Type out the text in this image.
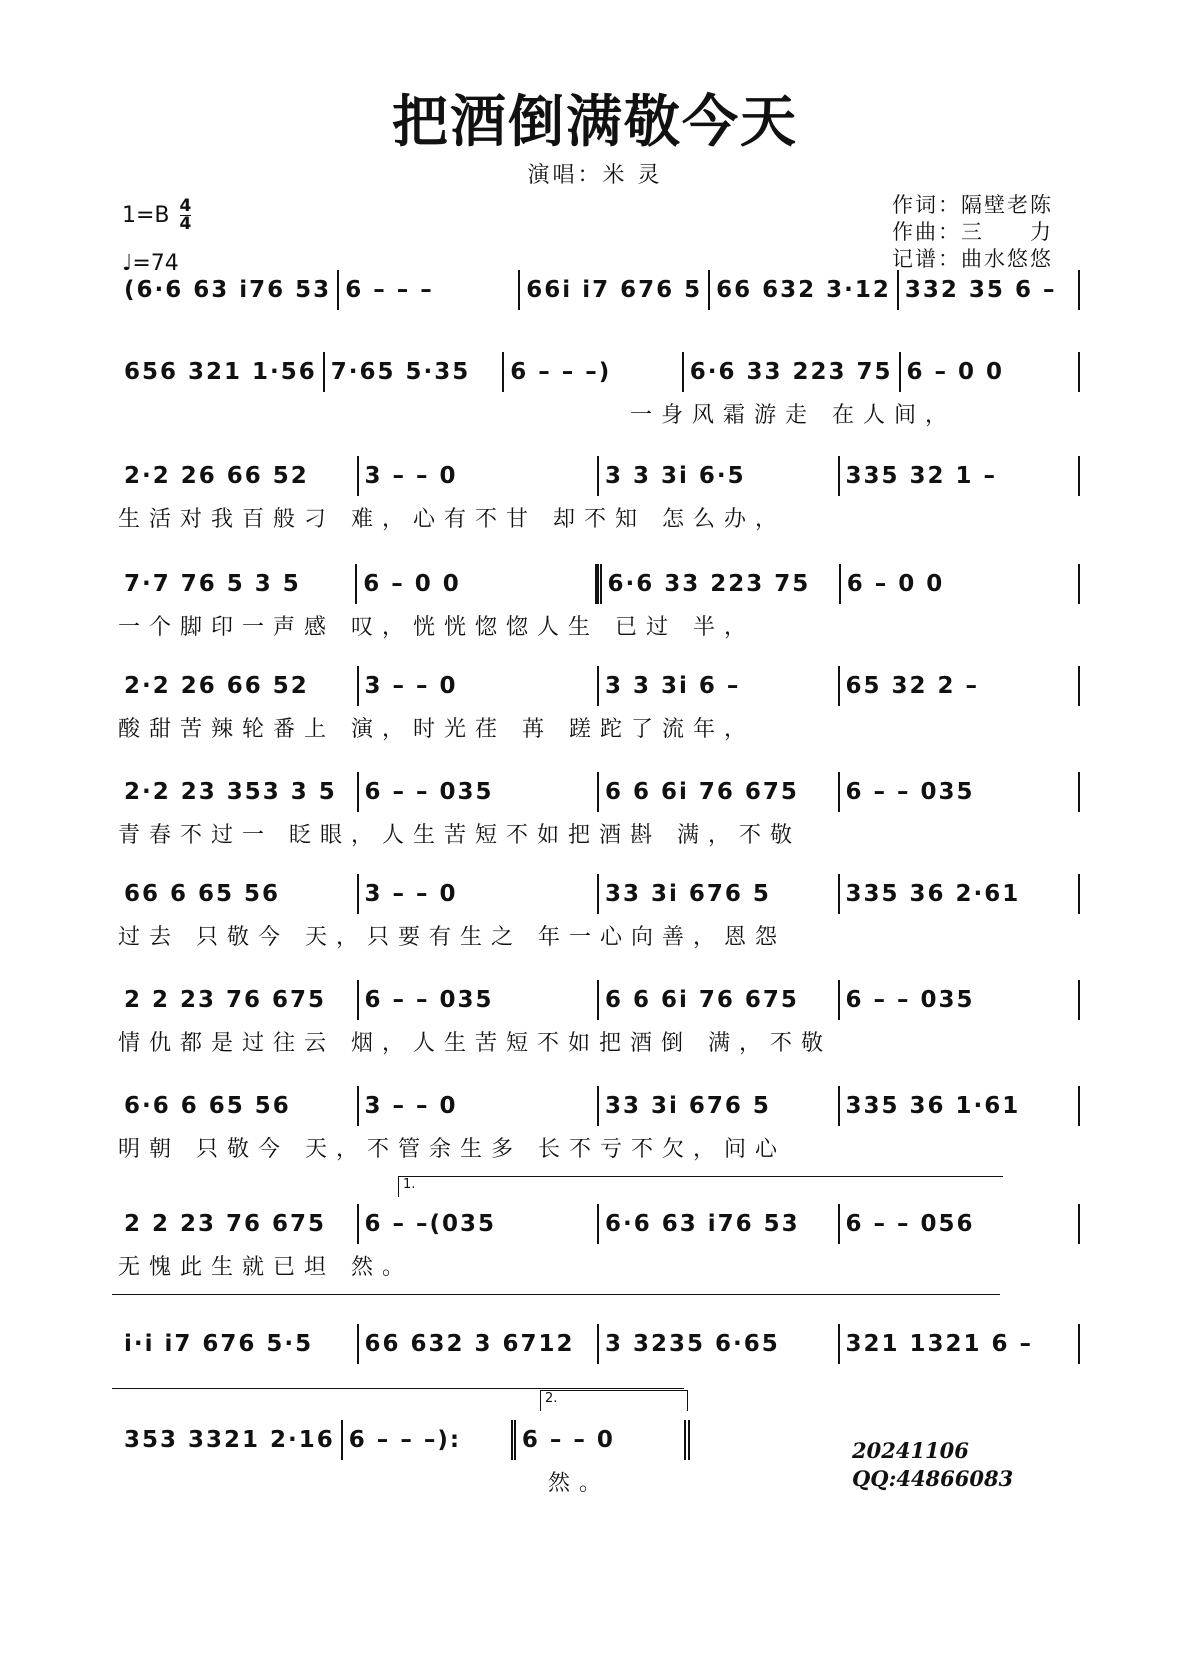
把酒倒满敬今天
演唱：米 灵
$1=B \frac{4}{4}$
♩=74
作词：隔壁老陈
作曲：三　　力
记谱：曲水悠悠
(6·6 63 i76 53 6 – – –	66i i7 676 5 66 632 3·12 332 35 6 –
656 321 1·56 7·65 5·35	6 – – –)	6·6 33 223 75 6 – 0 0
一身风霜游走 在人间，
2·2 26 66 52	3 – – 0	3 3 3i 6·5	335 32 1 –
生活对我百般刁 难，心有不甘 却不知 怎么办，
7·7 76 5 3 5	6 – 0 0	6·6 33 223 75	6 – 0 0
一个脚印一声感 叹，恍恍惚惚人生 已过 半，
2·2 26 66 52	3 – – 0	3 3 3i 6 –	65 32 2 –
酸甜苦辣轮番上 演，时光荏 苒 蹉跎了流年，
2·2 23 353 3 5	6 – – 035	6 6 6i 76 675	6 – – 035
青春不过一 眨眼，人生苦短不如把酒斟 满，不敬
66 6 65 56	3 – – 0	33 3i 676 5	335 36 2·61
过去 只敬今 天，只要有生之 年一心向善，恩怨
2 2 23 76 675	6 – – 035	6 6 6i 76 675	6 – – 035
情仇都是过往云 烟，人生苦短不如把酒倒 满，不敬
6·6 6 65 56	3 – – 0	33 3i 676 5	335 36 1·61
明朝 只敬今 天，不管余生多 长不亏不欠，问心
1.
2 2 23 76 675	6 – –(035	6·6 63 i76 53	6 – – 056
无愧此生就已坦 然。
i·i i7 676 5·5	66 632 3 6712	3 3235 6·65	321 1321 6 –
2.
353 3321 2·16 6 – – –):	6 – – 0
然。
20241106
QQ:44866083
